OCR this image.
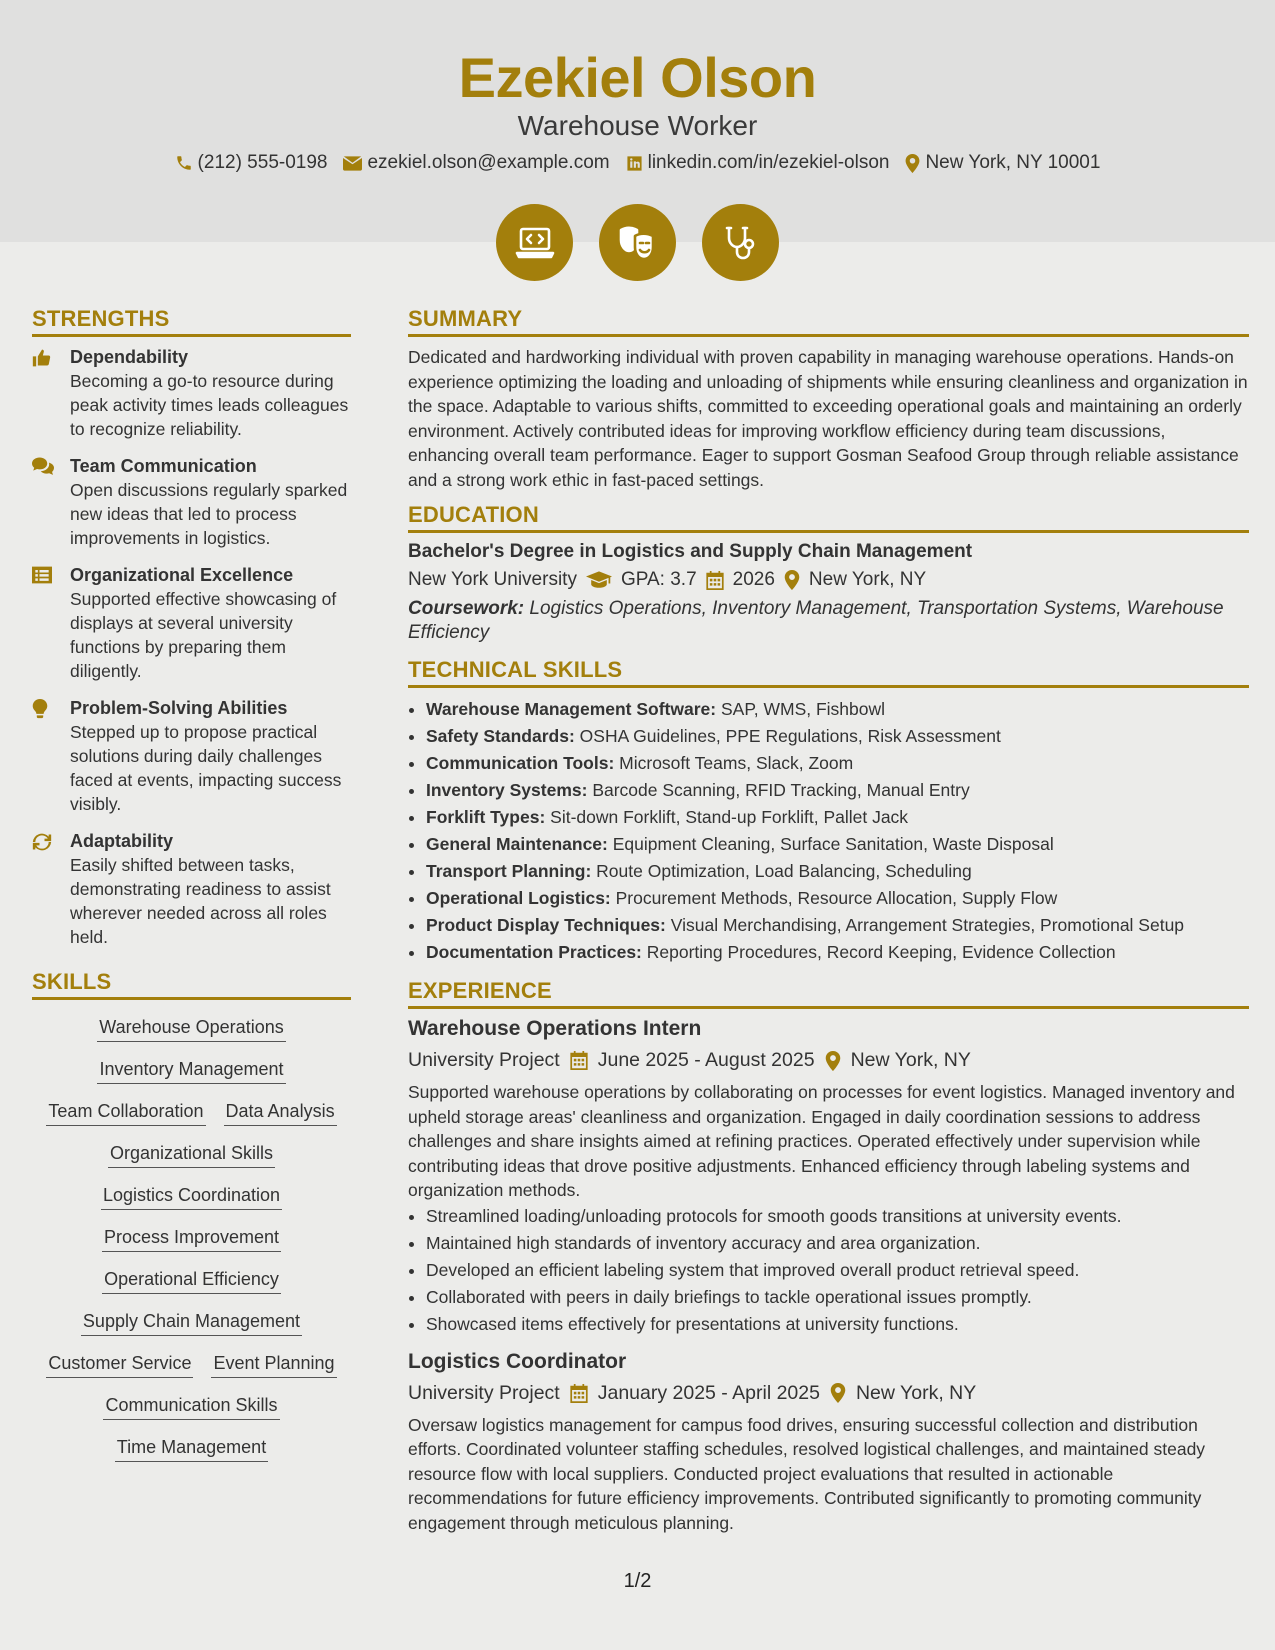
Ezekiel Olson
Warehouse Worker
(212) 555-0198 ezekiel.olson@example.com linkedin.com/in/ezekiel-olson New York, NY 10001
STRENGTHS
Dependability
Becoming a go-to resource during peak activity times leads colleagues to recognize reliability.
Team Communication
Open discussions regularly sparked new ideas that led to process improvements in logistics.
Organizational Excellence
Supported effective showcasing of displays at several university functions by preparing them diligently.
Problem-Solving Abilities
Stepped up to propose practical solutions during daily challenges faced at events, impacting success visibly.
Adaptability
Easily shifted between tasks, demonstrating readiness to assist wherever needed across all roles held.
SKILLS
Warehouse Operations
Inventory Management
Team Collaboration Data Analysis
Organizational Skills
Logistics Coordination
Process Improvement
Operational Efficiency
Supply Chain Management
Customer Service Event Planning
Communication Skills
Time Management
SUMMARY

Dedicated and hardworking individual with proven capability in managing warehouse operations. Hands-on experience optimizing the loading and unloading of shipments while ensuring cleanliness and organization in the space. Adaptable to various shifts, committed to exceeding operational goals and maintaining an orderly environment. Actively contributed ideas for improving workflow efficiency during team discussions, enhancing overall team performance. Eager to support Gosman Seafood Group through reliable assistance and a strong work ethic in fast-paced settings.

EDUCATION
Bachelor's Degree in Logistics and Supply Chain Management
New York University GPA: 3.7 2026 New York, NY
Coursework: Logistics Operations, Inventory Management, Transportation Systems, Warehouse Efficiency
TECHNICAL SKILLS
• Warehouse Management Software: SAP, WMS, Fishbowl
• Safety Standards: OSHA Guidelines, PPE Regulations, Risk Assessment
• Communication Tools: Microsoft Teams, Slack, Zoom
• Inventory Systems: Barcode Scanning, RFID Tracking, Manual Entry
• Forklift Types: Sit-down Forklift, Stand-up Forklift, Pallet Jack
• General Maintenance: Equipment Cleaning, Surface Sanitation, Waste Disposal
• Transport Planning: Route Optimization, Load Balancing, Scheduling
• Operational Logistics: Procurement Methods, Resource Allocation, Supply Flow
• Product Display Techniques: Visual Merchandising, Arrangement Strategies, Promotional Setup
• Documentation Practices: Reporting Procedures, Record Keeping, Evidence Collection
EXPERIENCE
Warehouse Operations Intern
University Project June 2025 - August 2025 New York, NY
Supported warehouse operations by collaborating on processes for event logistics. Managed inventory and upheld storage areas' cleanliness and organization. Engaged in daily coordination sessions to address challenges and share insights aimed at refining practices. Operated effectively under supervision while contributing ideas that drove positive adjustments. Enhanced efficiency through labeling systems and organization methods.
• Streamlined loading/unloading protocols for smooth goods transitions at university events.
• Maintained high standards of inventory accuracy and area organization.
• Developed an efficient labeling system that improved overall product retrieval speed.
• Collaborated with peers in daily briefings to tackle operational issues promptly.
• Showcased items effectively for presentations at university functions.
Logistics Coordinator
University Project January 2025 - April 2025 New York, NY
Oversaw logistics management for campus food drives, ensuring successful collection and distribution efforts. Coordinated volunteer staffing schedules, resolved logistical challenges, and maintained steady resource flow with local suppliers. Conducted project evaluations that resulted in actionable recommendations for future efficiency improvements. Contributed significantly to promoting community engagement through meticulous planning.
1/2
